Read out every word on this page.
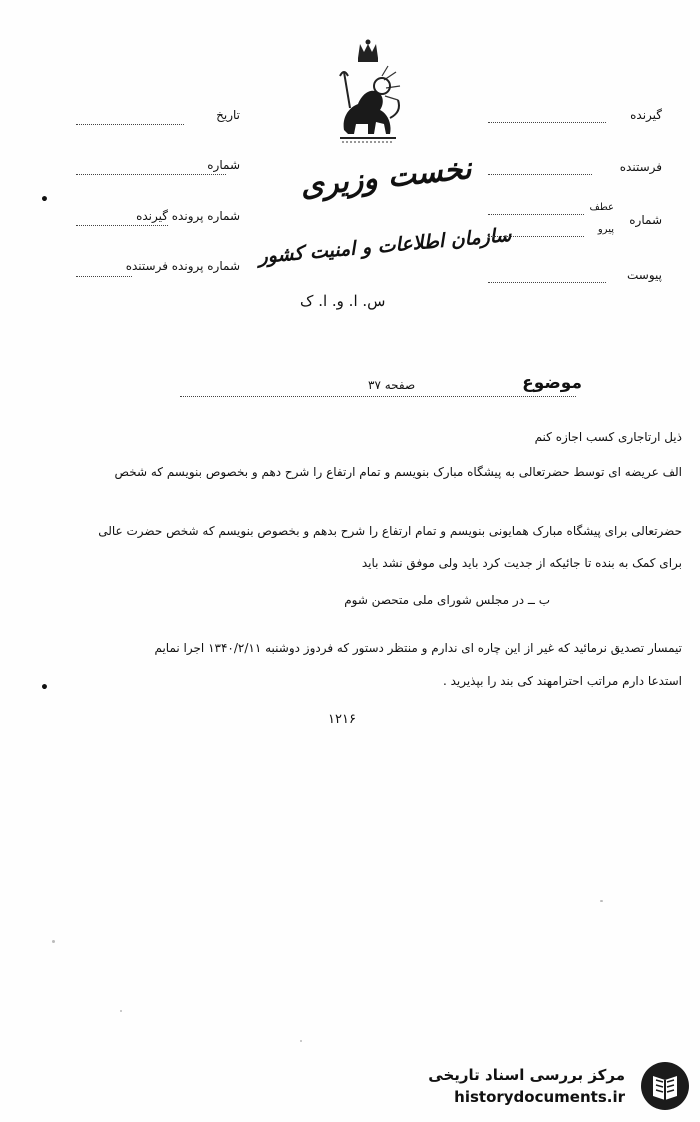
نخست وزیری
سازمان اطلاعات و امنیت کشور
س. ا. و. ا. ک
تاریخ
شماره
شماره پرونده گیرنده
شماره پرونده فرستنده
گیرنده
فرستنده
شماره
عطف
پیرو
پیوست
موضوع
صفحه ۳۷
ذیل ارتاجاری کسب اجازه کنم
الف عریضه ای توسط حضرتعالی به پیشگاه مبارک بنویسم و تمام ارتفاع را شرح دهم و بخصوص بنویسم که شخص
حضرتعالی برای پیشگاه مبارک همایونی بنویسم و تمام ارتفاع را شرح بدهم و بخصوص بنویسم که شخص حضرت عالی
برای کمک به بنده تا جائیکه از جدیت کرد باید ولی موفق نشد باید
ب ــ در مجلس شورای ملی متحصن شوم
تیمسار تصدیق نرمائید که غیر از این چاره ای ندارم و منتظر دستور که فردوز دوشنبه ۱۳۴۰/۲/۱۱ اجرا نمایم
استدعا دارم مراتب احترامهند کی بند را بپذیرید .
۱۲۱۶
•
•
مرکز بررسی اسناد تاریخی
historydocuments.ir
